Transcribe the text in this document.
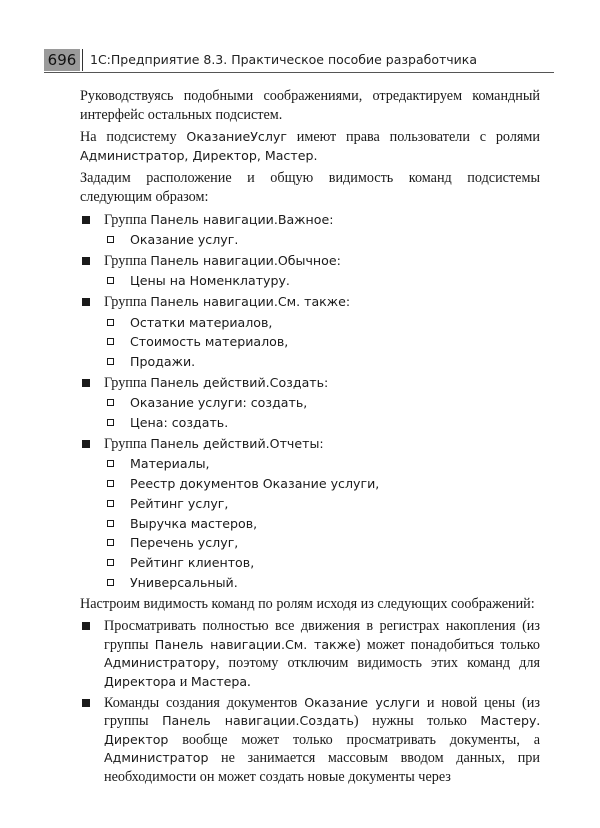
696 1С:Предприятие 8.3. Практическое пособие разработчика

Руководствуясь подобными соображениями, отредактируем командный интерфейс остальных подсистем.

На подсистему ОказаниеУслуг имеют права пользователи с ролями Администратор, Директор, Мастер.

Зададим расположение и общую видимость команд подсистемы следующим образом:

Группа Панель навигации.Важное:
Оказание услуг.
Группа Панель навигации.Обычное:
Цены на Номенклатуру.
Группа Панель навигации.См. также:
Остатки материалов,
Стоимость материалов,
Продажи.
Группа Панель действий.Создать:
Оказание услуги: создать,
Цена: создать.
Группа Панель действий.Отчеты:
Материалы,
Реестр документов Оказание услуги,
Рейтинг услуг,
Выручка мастеров,
Перечень услуг,
Рейтинг клиентов,
Универсальный.

Настроим видимость команд по ролям исходя из следующих соображений:

Просматривать полностью все движения в регистрах накопления (из группы Панель навигации.См. также) может понадобиться только Администратору, поэтому отключим видимость этих команд для Директора и Мастера.
Команды создания документов Оказание услуги и новой цены (из группы Панель навигации.Создать) нужны только Мастеру. Директор вообще может только просматривать документы, а Администратор не занимается массовым вводом данных, при необходимости он может создать новые документы через
